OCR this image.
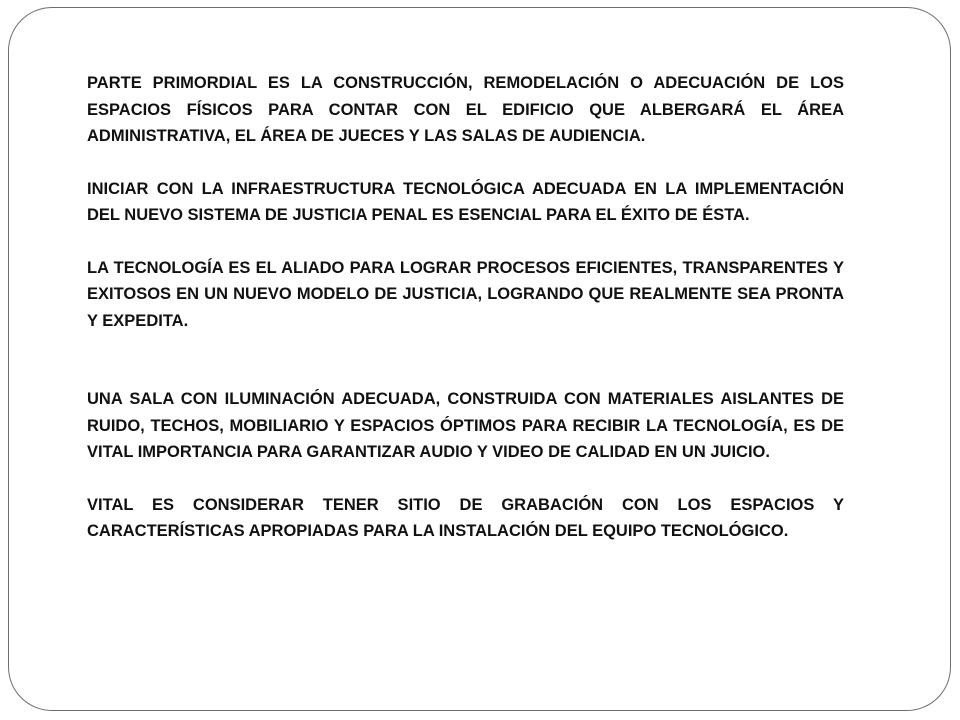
PARTE PRIMORDIAL ES LA CONSTRUCCIÓN, REMODELACIÓN O ADECUACIÓN DE LOS ESPACIOS FÍSICOS PARA CONTAR CON EL EDIFICIO QUE ALBERGARÁ EL ÁREA ADMINISTRATIVA, EL ÁREA DE JUECES Y LAS SALAS DE AUDIENCIA.

INICIAR CON LA INFRAESTRUCTURA TECNOLÓGICA ADECUADA EN LA IMPLEMENTACIÓN DEL NUEVO SISTEMA DE JUSTICIA PENAL ES ESENCIAL PARA EL ÉXITO DE ÉSTA.

LA TECNOLOGÍA ES EL ALIADO PARA LOGRAR PROCESOS EFICIENTES, TRANSPARENTES Y EXITOSOS EN UN NUEVO MODELO DE JUSTICIA, LOGRANDO QUE REALMENTE SEA PRONTA Y EXPEDITA.

UNA SALA CON ILUMINACIÓN ADECUADA, CONSTRUIDA CON MATERIALES AISLANTES DE RUIDO, TECHOS, MOBILIARIO Y ESPACIOS ÓPTIMOS PARA RECIBIR LA TECNOLOGÍA, ES DE VITAL IMPORTANCIA PARA GARANTIZAR AUDIO Y VIDEO DE CALIDAD EN UN JUICIO.

VITAL ES CONSIDERAR TENER SITIO DE GRABACIÓN CON LOS ESPACIOS Y CARACTERÍSTICAS APROPIADAS PARA LA INSTALACIÓN DEL EQUIPO TECNOLÓGICO.
